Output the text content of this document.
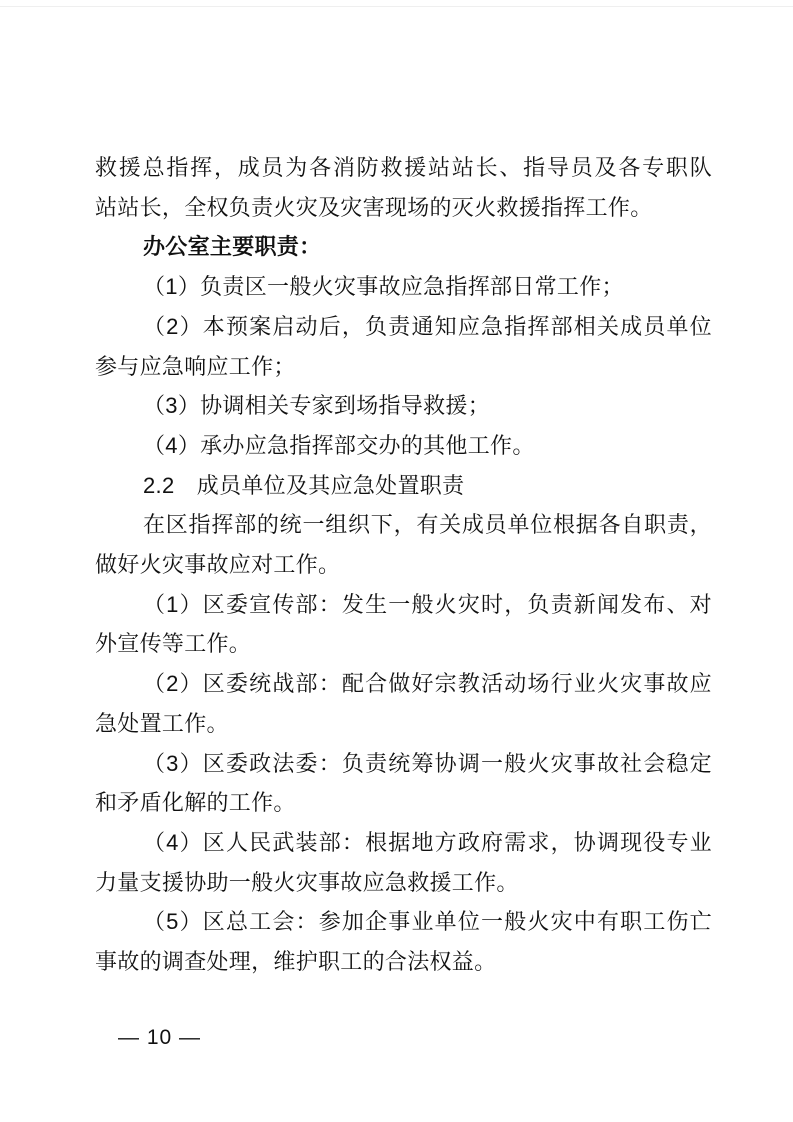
救援总指挥，成员为各消防救援站站长、指导员及各专职队
站站长，全权负责火灾及灾害现场的灭火救援指挥工作。
办公室主要职责：
（1）负责区一般火灾事故应急指挥部日常工作；
（2）本预案启动后，负责通知应急指挥部相关成员单位
参与应急响应工作；
（3）协调相关专家到场指导救援；
（4）承办应急指挥部交办的其他工作。
2.2　成员单位及其应急处置职责
在区指挥部的统一组织下，有关成员单位根据各自职责，
做好火灾事故应对工作。
（1）区委宣传部：发生一般火灾时，负责新闻发布、对
外宣传等工作。
（2）区委统战部：配合做好宗教活动场行业火灾事故应
急处置工作。
（3）区委政法委：负责统筹协调一般火灾事故社会稳定
和矛盾化解的工作。
（4）区人民武装部：根据地方政府需求，协调现役专业
力量支援协助一般火灾事故应急救援工作。
（5）区总工会：参加企事业单位一般火灾中有职工伤亡
事故的调查处理，维护职工的合法权益。
— 10 —
